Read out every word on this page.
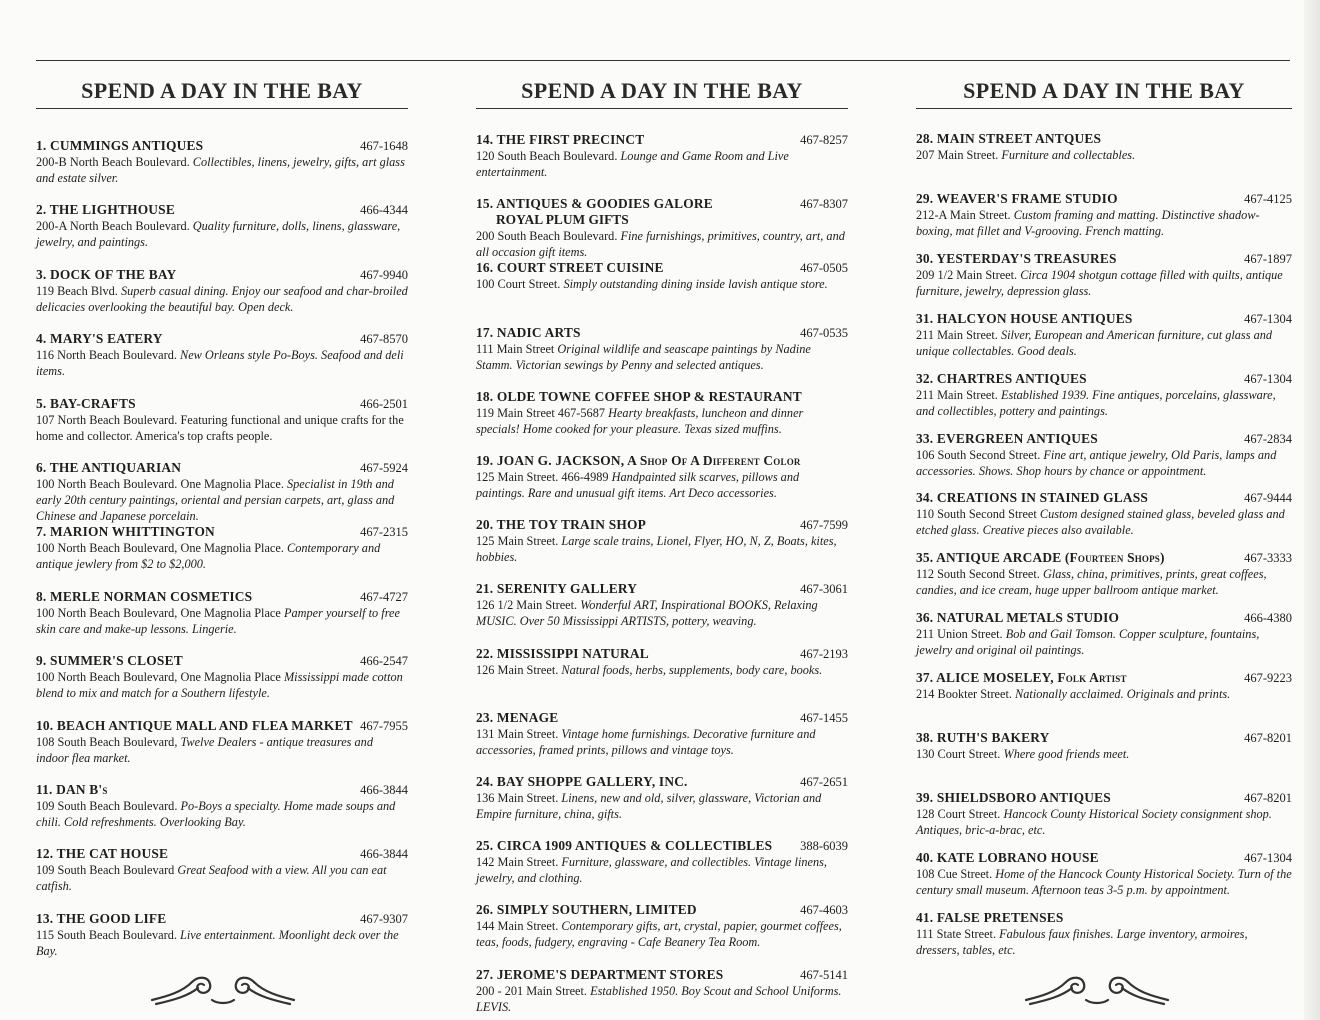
SPEND A DAY IN THE BAY
1. CUMMINGS ANTIQUES	467-1648
200-B North Beach Boulevard. Collectibles, linens, jewelry, gifts, art glass and estate silver.
2. THE LIGHTHOUSE	466-4344
200-A North Beach Boulevard. Quality furniture, dolls, linens, glassware, jewelry, and paintings.
3. DOCK OF THE BAY	467-9940
119 Beach Blvd. Superb casual dining. Enjoy our seafood and char-broiled delicacies overlooking the beautiful bay. Open deck.
4. MARY'S EATERY	467-8570
116 North Beach Boulevard. New Orleans style Po-Boys. Seafood and deli items.
5. BAY-CRAFTS	466-2501
107 North Beach Boulevard. Featuring functional and unique crafts for the home and collector. America's top crafts people.
6. THE ANTIQUARIAN	467-5924
100 North Beach Boulevard. One Magnolia Place. Specialist in 19th and early 20th century paintings, oriental and persian carpets, art, glass and Chinese and Japanese porcelain.
7. MARION WHITTINGTON	467-2315
100 North Beach Boulevard, One Magnolia Place. Contemporary and antique jewlery from $2 to $2,000.
8. MERLE NORMAN COSMETICS	467-4727
100 North Beach Boulevard, One Magnolia Place Pamper yourself to free skin care and make-up lessons. Lingerie.
9. SUMMER'S CLOSET	466-2547
100 North Beach Boulevard, One Magnolia Place Mississippi made cotton blend to mix and match for a Southern lifestyle.
10. BEACH ANTIQUE MALL AND FLEA MARKET 467-7955
108 South Beach Boulevard, Twelve Dealers - antique treasures and indoor flea market.
11. DAN B's	466-3844
109 South Beach Boulevard. Po-Boys a specialty. Home made soups and chili. Cold refreshments. Overlooking Bay.
12. THE CAT HOUSE	466-3844
109 South Beach Boulevard Great Seafood with a view. All you can eat catfish.
13. THE GOOD LIFE	467-9307
115 South Beach Boulevard. Live entertainment. Moonlight deck over the Bay.
SPEND A DAY IN THE BAY
14. THE FIRST PRECINCT	467-8257
120 South Beach Boulevard. Lounge and Game Room and Live entertainment.
15. ANTIQUES & GOODIES GALORE	467-8307
ROYAL PLUM GIFTS
200 South Beach Boulevard. Fine furnishings, primitives, country, art, and all occasion gift items.
16. COURT STREET CUISINE	467-0505
100 Court Street. Simply outstanding dining inside lavish antique store.
17. NADIC ARTS	467-0535
111 Main Street Original wildlife and seascape paintings by Nadine Stamm. Victorian sewings by Penny and selected antiques.
18. OLDE TOWNE COFFEE SHOP & RESTAURANT
119 Main Street 467-5687 Hearty breakfasts, luncheon and dinner specials! Home cooked for your pleasure. Texas sized muffins.
19. JOAN G. JACKSON, A Shop Of A Different Color
125 Main Street. 466-4989 Handpainted silk scarves, pillows and paintings. Rare and unusual gift items. Art Deco accessories.
20. THE TOY TRAIN SHOP	467-7599
125 Main Street. Large scale trains, Lionel, Flyer, HO, N, Z, Boats, kites, hobbies.
21. SERENITY GALLERY	467-3061
126 1/2 Main Street. Wonderful ART, Inspirational BOOKS, Relaxing MUSIC. Over 50 Mississippi ARTISTS, pottery, weaving.
22. MISSISSIPPI NATURAL	467-2193
126 Main Street. Natural foods, herbs, supplements, body care, books.
23. MENAGE	467-1455
131 Main Street. Vintage home furnishings. Decorative furniture and accessories, framed prints, pillows and vintage toys.
24. BAY SHOPPE GALLERY, INC.	467-2651
136 Main Street. Linens, new and old, silver, glassware, Victorian and Empire furniture, china, gifts.
25. CIRCA 1909 ANTIQUES & COLLECTIBLES 388-6039
142 Main Street. Furniture, glassware, and collectibles. Vintage linens, jewelry, and clothing.
26. SIMPLY SOUTHERN, LIMITED	467-4603
144 Main Street. Contemporary gifts, art, crystal, papier, gourmet coffees, teas, foods, fudgery, engraving - Cafe Beanery Tea Room.
27. JEROME'S DEPARTMENT STORES	467-5141
200 - 201 Main Street. Established 1950. Boy Scout and School Uniforms. LEVIS.
SPEND A DAY IN THE BAY
28. MAIN STREET ANTQUES
207 Main Street. Furniture and collectables.
29. WEAVER'S FRAME STUDIO	467-4125
212-A Main Street. Custom framing and matting. Distinctive shadow-boxing, mat fillet and V-grooving. French matting.
30. YESTERDAY'S TREASURES	467-1897
209 1/2 Main Street. Circa 1904 shotgun cottage filled with quilts, antique furniture, jewelry, depression glass.
31. HALCYON HOUSE ANTIQUES	467-1304
211 Main Street. Silver, European and American furniture, cut glass and unique collectables. Good deals.
32. CHARTRES ANTIQUES	467-1304
211 Main Street. Established 1939. Fine antiques, porcelains, glassware, and collectibles, pottery and paintings.
33. EVERGREEN ANTIQUES	467-2834
106 South Second Street. Fine art, antique jewelry, Old Paris, lamps and accessories. Shows. Shop hours by chance or appointment.
34. CREATIONS IN STAINED GLASS	467-9444
110 South Second Street Custom designed stained glass, beveled glass and etched glass. Creative pieces also available.
35. ANTIQUE ARCADE (Fourteen Shops)	467-3333
112 South Second Street. Glass, china, primitives, prints, great coffees, candies, and ice cream, huge upper ballroom antique market.
36. NATURAL METALS STUDIO	466-4380
211 Union Street. Bob and Gail Tomson. Copper sculpture, fountains, jewelry and original oil paintings.
37. ALICE MOSELEY, Folk Artist	467-9223
214 Bookter Street. Nationally acclaimed. Originals and prints.
38. RUTH'S BAKERY	467-8201
130 Court Street. Where good friends meet.
39. SHIELDSBORO ANTIQUES	467-8201
128 Court Street. Hancock County Historical Society consignment shop. Antiques, bric-a-brac, etc.
40. KATE LOBRANO HOUSE	467-1304
108 Cue Street. Home of the Hancock County Historical Society. Turn of the century small museum. Afternoon teas 3-5 p.m. by appointment.
41. FALSE PRETENSES
111 State Street. Fabulous faux finishes. Large inventory, armoires, dressers, tables, etc.
